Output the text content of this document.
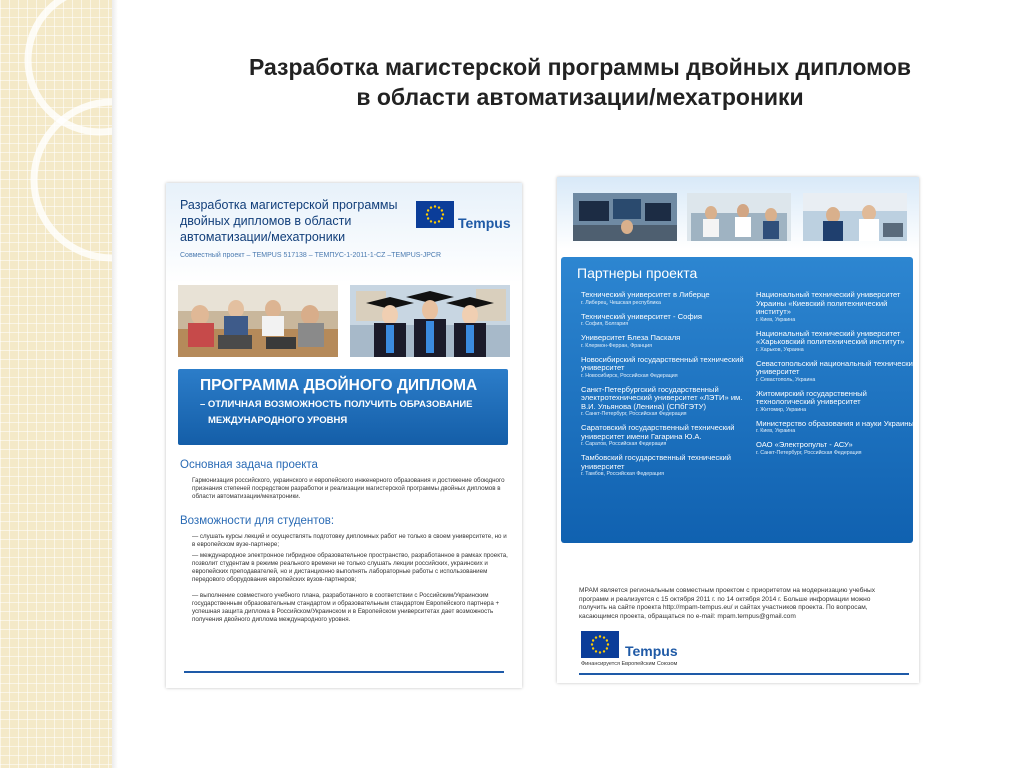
Разработка магистерской программы двойных дипломов
в области автоматизации/мехатроники
Разработка магистерской программы
двойных дипломов в области
автоматизации/мехатроники
Совместный проект – TEMPUS 517138 – ТЕМПУС-1-2011-1-CZ –TEMPUS-JPCR
Tempus
ПРОГРАММА ДВОЙНОГО ДИПЛОМА
– ОТЛИЧНАЯ ВОЗМОЖНОСТЬ ПОЛУЧИТЬ ОБРАЗОВАНИЕ
МЕЖДУНАРОДНОГО УРОВНЯ
Основная задача проекта
Гармонизация российского, украинского и европейского инженерного образования и достижение обоюдного признания степеней посредством разработки и реализации магистерской программы двойных дипломов в области автоматизации/мехатроники.
Возможности для студентов:
— слушать курсы лекций и осуществлять подготовку дипломных работ не только в своем университете, но и в европейском вузе-партнере;
— международное электронное гибридное образовательное пространство, разработанное в рамках проекта, позволит студентам в режиме реального времени не только слушать лекции российских, украинских и европейских преподавателей, но и дистанционно выполнять лабораторные работы с использованием передового оборудования европейских вузов-партнеров;
— выполнение совместного учебного плана, разработанного в соответствии с Российским/Украинским государственным образовательным стандартом и образовательным стандартом Европейского партнера + успешная защита диплома в Российском/Украинском и в Европейском университетах дает возможность получения двойного диплома международного уровня.
Партнеры проекта
Технический университет в Либерце
г. Либерец, Чешская республика
Технический университет - София
г. София, Болгария
Университет Блеза Паскаля
г. Клермон-Ферран, Франция
Новосибирский государственный технический университет
г. Новосибирск, Российская Федерация
Санкт-Петербургский государственный электротехнический университет «ЛЭТИ» им. В.И. Ульянова (Ленина) (СПбГЭТУ)
г. Санкт-Петербург, Российская Федерация
Саратовский государственный технический университет имени Гагарина Ю.А.
г. Саратов, Российская Федерация
Тамбовский государственный технический университет
г. Тамбов, Российская Федерация
Национальный технический университет Украины «Киевский политехнический институт»
г. Киев, Украина
Национальный технический университет «Харьковский политехнический институт»
г. Харьков, Украина
Севастопольский национальный технический университет
г. Севастополь, Украина
Житомирский государственный технологический университет
г. Житомир, Украина
Министерство образования и науки Украины
г. Киев, Украина
ОАО «Электропульт - АСУ»
г. Санкт-Петербург, Российская Федерация
MPAM является региональным совместным проектом с приоритетом на модернизацию учебных программ и реализуется с 15 октября 2011 г. по 14 октября 2014 г. Больше информации можно получить на сайте проекта http://mpam-tempus.eu/ и сайтах участников проекта. По вопросам, касающимся проекта, обращаться по e-mail: mpam.tempus@gmail.com
Tempus
Финансируется Европейским Союзом
